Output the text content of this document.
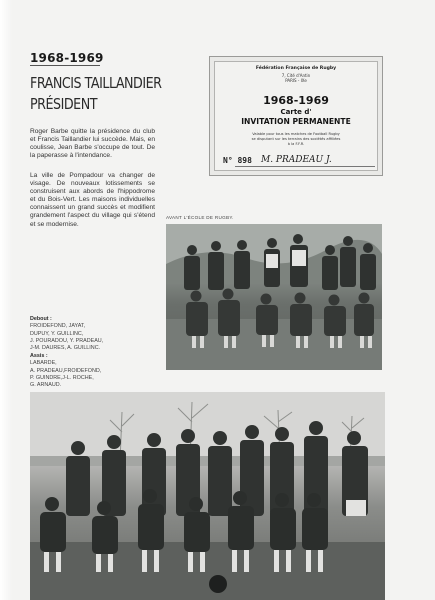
1968-1969
FRANCIS TAILLANDIER
PRÉSIDENT
Roger Barbe quitte la présidence du club et Francis Taillandier lui succède. Mais, en coulisse, Jean Barbe s'occupe de tout. De la paperasse à l'intendance.
La ville de Pompadour va changer de visage. De nouveaux lotissements se construisent aux abords de l'hippodrome et du Bois-Vert. Les maisons individuelles connaissent un grand succès et modifient grandement l'aspect du village qui s'étend et se modernise.
Fédération Française de Rugby
7, Cité d'Antin
PARIS - IXe
1968-1969
Carte d'
INVITATION PERMANENTE
Valable pour tous les matches de Football Rugby
se disputant sur les terrains des sociétés affiliées
à la F.F.R.
N° 898 M. PRADEAU J.
AVANT L'ÉCOLE DE RUGBY.
Debout :
FROIDEFOND, JAYAT,
DUPUY, Y. GUILLINC,
J. POURADOU, Y. PRADEAU,
J-M. DAURES, A. GUILLINC.
Assis :
LABARDE,
A. PRADEAU,FROIDEFOND,
P. GUINDRE,J-L. ROCHE,
G. ARNAUD.
